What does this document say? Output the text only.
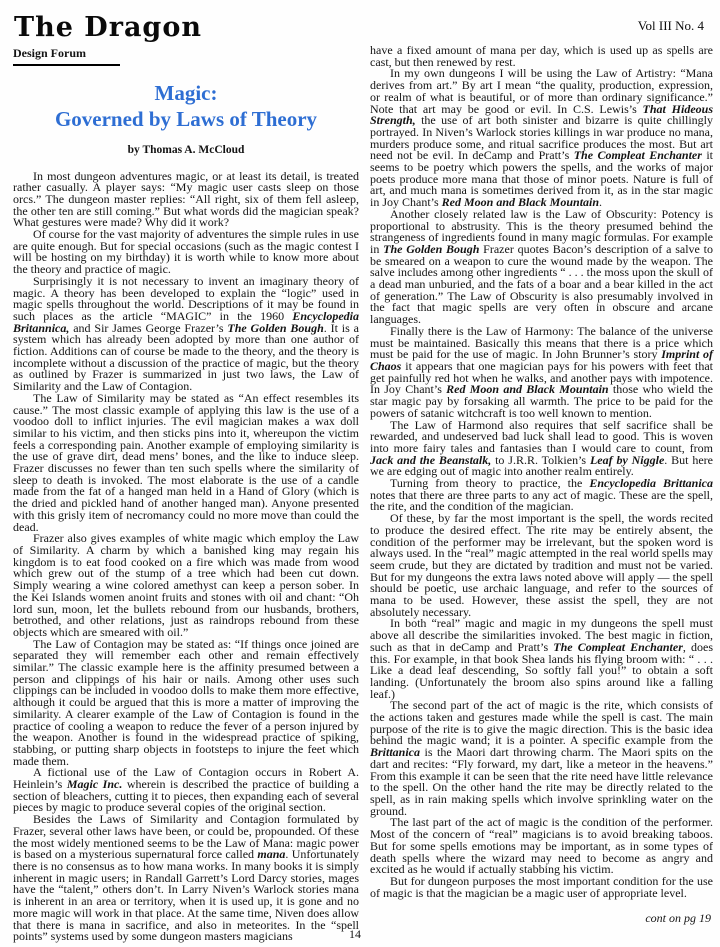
The Dragon	Vol III No. 4
Design Forum
Magic:
Governed by Laws of Theory
by Thomas A. McCloud

In most dungeon adventures magic, or at least its detail, is treated rather casually. A player says: “My magic user casts sleep on those orcs.” The dungeon master replies: “All right, six of them fell asleep, the other ten are still coming.” But what words did the magician speak? What gestures were made? Why did it work?

Of course for the vast majority of adventures the simple rules in use are quite enough. But for special occasions (such as the magic contest I will be hosting on my birthday) it is worth while to know more about the theory and practice of magic.

Surprisingly it is not necessary to invent an imaginary theory of magic. A theory has been developed to explain the “logic” used in magic spells throughout the world. Descriptions of it may be found in such places as the article “MAGIC” in the 1960 Encyclopedia Britannica, and Sir James George Frazer’s The Golden Bough. It is a system which has already been adopted by more than one author of fiction. Additions can of course be made to the theory, and the theory is incomplete without a discussion of the practice of magic, but the theory as outlined by Frazer is summarized in just two laws, the Law of Similarity and the Law of Contagion.

The Law of Similarity may be stated as “An effect resembles its cause.” The most classic example of applying this law is the use of a voodoo doll to inflict injuries. The evil magician makes a wax doll similar to his victim, and then sticks pins into it, whereupon the victim feels a corresponding pain. Another example of employing similarity is the use of grave dirt, dead mens’ bones, and the like to induce sleep. Frazer discusses no fewer than ten such spells where the similarity of sleep to death is invoked. The most elaborate is the use of a candle made from the fat of a hanged man held in a Hand of Glory (which is the dried and pickled hand of another hanged man). Anyone presented with this grisly item of necromancy could no more move than could the dead.

Frazer also gives examples of white magic which employ the Law of Similarity. A charm by which a banished king may regain his kingdom is to eat food cooked on a fire which was made from wood which grew out of the stump of a tree which had been cut down. Simply wearing a wine colored amethyst can keep a person sober. In the Kei Islands women anoint fruits and stones with oil and chant: “Oh lord sun, moon, let the bullets rebound from our husbands, brothers, betrothed, and other relations, just as raindrops rebound from these objects which are smeared with oil.”

The Law of Contagion may be stated as: “If things once joined are separated they will remember each other and remain effectively similar.” The classic example here is the affinity presumed between a person and clippings of his hair or nails. Among other uses such clippings can be included in voodoo dolls to make them more effective, although it could be argued that this is more a matter of improving the similarity. A clearer example of the Law of Contagion is found in the practice of cooling a weapon to reduce the fever of a person injured by the weapon. Another is found in the widespread practice of spiking, stabbing, or putting sharp objects in footsteps to injure the feet which made them.

A fictional use of the Law of Contagion occurs in Robert A. Heinlein’s Magic Inc. wherein is described the practice of building a section of bleachers, cutting it to pieces, then expanding each of several pieces by magic to produce several copies of the original section.

Besides the Laws of Similarity and Contagion formulated by Frazer, several other laws have been, or could be, propounded. Of these the most widely mentioned seems to be the Law of Mana: magic power is based on a mysterious supernatural force called mana. Unfortunately there is no consensus as to how mana works. In many books it is simply inherent in magic users; in Randall Garrett’s Lord Darcy stories, mages have the “talent,” others don’t. In Larry Niven’s Warlock stories mana is inherent in an area or territory, when it is used up, it is gone and no more magic will work in that place. At the same time, Niven does allow that there is mana in sacrifice, and also in meteorites. In the “spell points” systems used by some dungeon masters magicians

have a fixed amount of mana per day, which is used up as spells are cast, but then renewed by rest.

In my own dungeons I will be using the Law of Artistry: “Mana derives from art.” By art I mean “the quality, production, expression, or realm of what is beautiful, or of more than ordinary significance.” Note that art may be good or evil. In C.S. Lewis’s That Hideous Strength, the use of art both sinister and bizarre is quite chillingly portrayed. In Niven’s Warlock stories killings in war produce no mana, murders produce some, and ritual sacrifice produces the most. But art need not be evil. In deCamp and Pratt’s The Compleat Enchanter it seems to be poetry which powers the spells, and the works of major poets produce more mana that those of minor poets. Nature is full of art, and much mana is sometimes derived from it, as in the star magic in Joy Chant’s Red Moon and Black Mountain.

Another closely related law is the Law of Obscurity: Potency is proportional to abstrusity. This is the theory presumed behind the strangeness of ingredients found in many magic formulas. For example in The Golden Bough Frazer quotes Bacon’s description of a salve to be smeared on a weapon to cure the wound made by the weapon. The salve includes among other ingredients “ . . . the moss upon the skull of a dead man unburied, and the fats of a boar and a bear killed in the act of generation.” The Law of Obscurity is also presumably involved in the fact that magic spells are very often in obscure and arcane languages.

Finally there is the Law of Harmony: The balance of the universe must be maintained. Basically this means that there is a price which must be paid for the use of magic. In John Brunner’s story Imprint of Chaos it appears that one magician pays for his powers with feet that get painfully red hot when he walks, and another pays with impotence. In Joy Chant’s Red Moon and Black Mountain those who wield the star magic pay by forsaking all warmth. The price to be paid for the powers of satanic witchcraft is too well known to mention.

The Law of Harmond also requires that self sacrifice shall be rewarded, and undeserved bad luck shall lead to good. This is woven into more fairy tales and fantasies than I would care to count, from Jack and the Beanstalk, to J.R.R. Tolkien’s Leaf by Niggle. But here we are edging out of magic into another realm entirely.

Turning from theory to practice, the Encyclopedia Brittanica notes that there are three parts to any act of magic. These are the spell, the rite, and the condition of the magician.

Of these, by far the most important is the spell, the words recited to produce the desired effect. The rite may be entirely absent, the condition of the performer may be irrelevant, but the spoken word is always used. In the “real” magic attempted in the real world spells may seem crude, but they are dictated by tradition and must not be varied. But for my dungeons the extra laws noted above will apply — the spell should be poetic, use archaic language, and refer to the sources of mana to be used. However, these assist the spell, they are not absolutely necessary.

In both “real” magic and magic in my dungeons the spell must above all describe the similarities invoked. The best magic in fiction, such as that in deCamp and Pratt’s The Compleat Enchanter, does this. For example, in that book Shea lands his flying broom with: “ . . . Like a dead leaf descending, So softly fall you!” to obtain a soft landing. (Unfortunately the broom also spins around like a falling leaf.)

The second part of the act of magic is the rite, which consists of the actions taken and gestures made while the spell is cast. The main purpose of the rite is to give the magic direction. This is the basic idea behind the magic wand; it is a pointer. A specific example from the Brittanica is the Maori dart throwing charm. The Maori spits on the dart and recites: “Fly forward, my dart, like a meteor in the heavens.” From this example it can be seen that the rite need have little relevance to the spell. On the other hand the rite may be directly related to the spell, as in rain making spells which involve sprinkling water on the ground.

The last part of the act of magic is the condition of the performer. Most of the concern of “real” magicians is to avoid breaking taboos. But for some spells emotions may be important, as in some types of death spells where the wizard may need to become as angry and excited as he would if actually stabbing his victim.

But for dungeon purposes the most important condition for the use of magic is that the magician be a magic user of appropriate level.

cont on pg 19
14
